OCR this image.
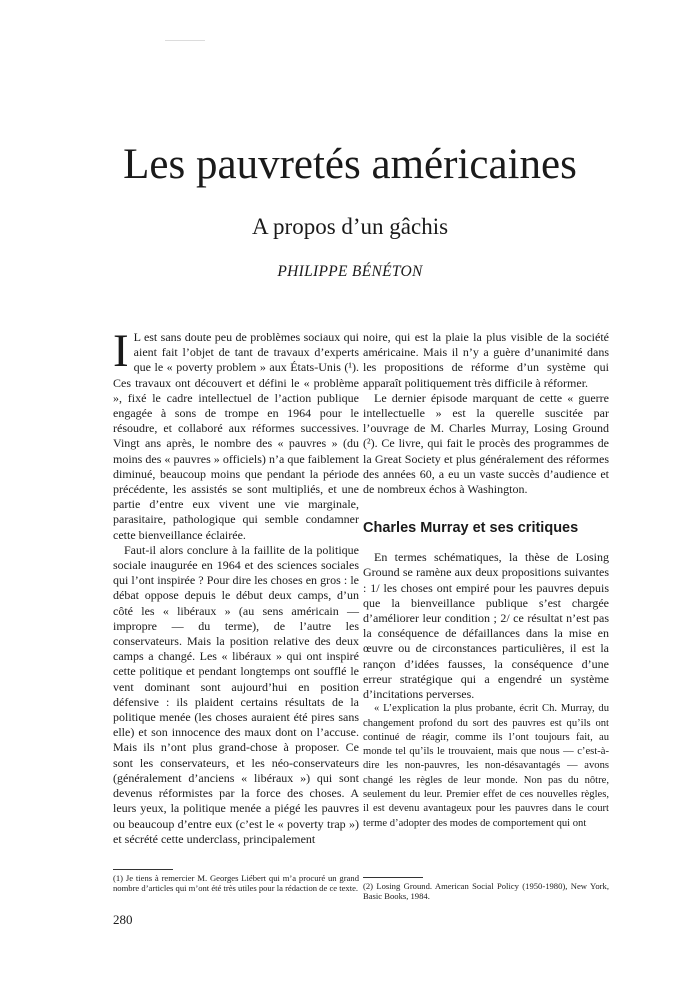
Les pauvretés américaines
A propos d’un gâchis
PHILIPPE BÉNÉTON

I L est sans doute peu de problèmes sociaux qui aient fait l’objet de tant de travaux d’experts que le « poverty problem » aux États-Unis (¹). Ces travaux ont découvert et défini le « problème », fixé le cadre intellectuel de l’action publique engagée à sons de trompe en 1964 pour le résoudre, et collaboré aux réformes successives. Vingt ans après, le nombre des « pauvres » (du moins des « pauvres » officiels) n’a que faiblement diminué, beaucoup moins que pendant la période précédente, les assistés se sont multipliés, et une partie d’entre eux vivent une vie marginale, parasitaire, pathologique qui semble condamner cette bienveillance éclairée.

Faut-il alors conclure à la faillite de la politique sociale inaugurée en 1964 et des sciences sociales qui l’ont inspirée ? Pour dire les choses en gros : le débat oppose depuis le début deux camps, d’un côté les « libéraux » (au sens américain — impropre — du terme), de l’autre les conservateurs. Mais la position relative des deux camps a changé. Les « libéraux » qui ont inspiré cette politique et pendant longtemps ont soufflé le vent dominant sont aujourd’hui en position défensive : ils plaident certains résultats de la politique menée (les choses auraient été pires sans elle) et son innocence des maux dont on l’accuse. Mais ils n’ont plus grand-chose à proposer. Ce sont les conservateurs, et les néo-conservateurs (généralement d’anciens « libéraux ») qui sont devenus réformistes par la force des choses. A leurs yeux, la politique menée a piégé les pauvres ou beaucoup d’entre eux (c’est le « poverty trap ») et sécrété cette underclass, principalement

noire, qui est la plaie la plus visible de la société américaine. Mais il n’y a guère d’unanimité dans les propositions de réforme d’un système qui apparaît politiquement très difficile à réformer.

Le dernier épisode marquant de cette « guerre intellectuelle » est la querelle suscitée par l’ouvrage de M. Charles Murray, Losing Ground (²). Ce livre, qui fait le procès des programmes de la Great Society et plus généralement des réformes des années 60, a eu un vaste succès d’audience et de nombreux échos à Washington.

Charles Murray et ses critiques

En termes schématiques, la thèse de Losing Ground se ramène aux deux propositions suivantes : 1/ les choses ont empiré pour les pauvres depuis que la bienveillance publique s’est chargée d’améliorer leur condition ; 2/ ce résultat n’est pas la conséquence de défaillances dans la mise en œuvre ou de circonstances particulières, il est la rançon d’idées fausses, la conséquence d’une erreur stratégique qui a engendré un système d’incitations perverses.

« L’explication la plus probante, écrit Ch. Murray, du changement profond du sort des pauvres est qu’ils ont continué de réagir, comme ils l’ont toujours fait, au monde tel qu’ils le trouvaient, mais que nous — c’est-à-dire les non-pauvres, les non-désavantagés — avons changé les règles de leur monde. Non pas du nôtre, seulement du leur. Premier effet de ces nouvelles règles, il est devenu avantageux pour les pauvres dans le court terme d’adopter des modes de comportement qui ont

(1) Je tiens à remercier M. Georges Liébert qui m’a procuré un grand nombre d’articles qui m’ont été très utiles pour la rédaction de ce texte. (2) Losing Ground. American Social Policy (1950-1980), New York, Basic Books, 1984.
280
